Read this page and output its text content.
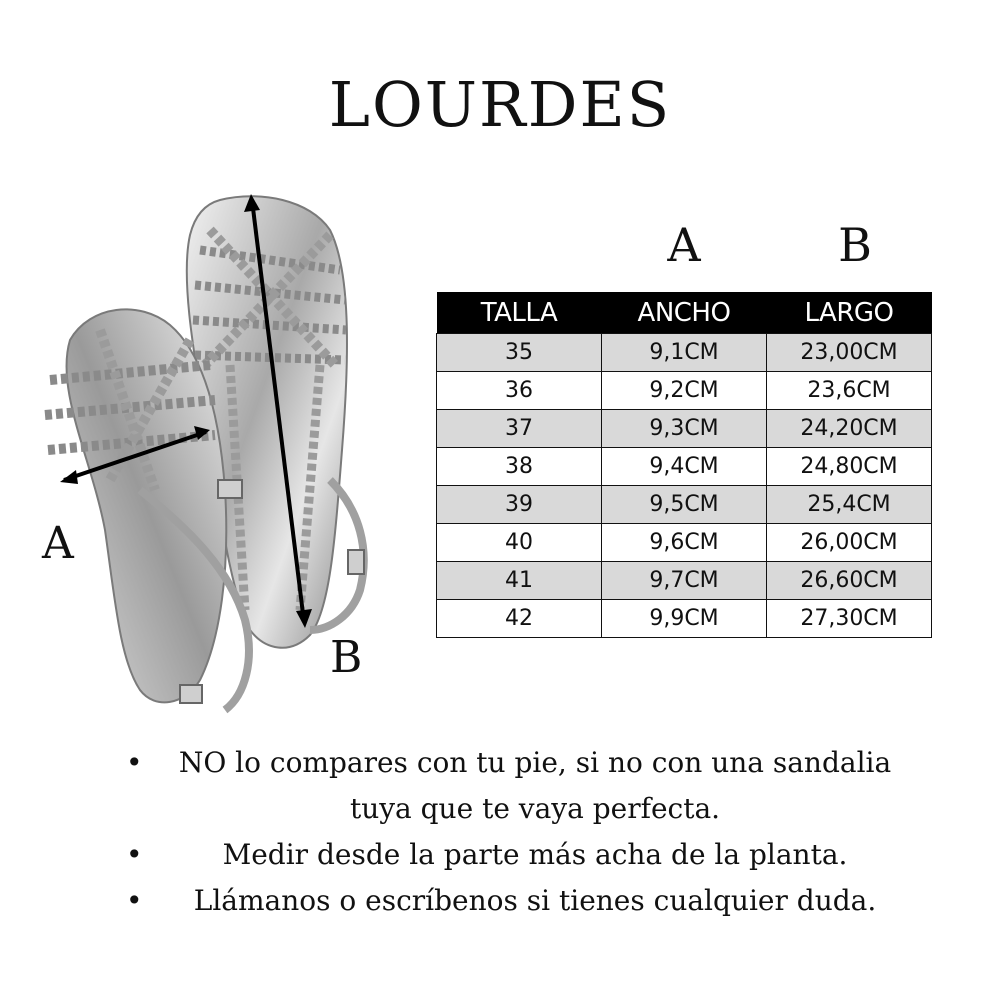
LOURDES
A
B
A	B
TALLA	ANCHO	LARGO
35	9,1CM	23,00CM
36	9,2CM	23,6CM
37	9,3CM	24,20CM
38	9,4CM	24,80CM
39	9,5CM	25,4CM
40	9,6CM	26,00CM
41	9,7CM	26,60CM
42	9,9CM	27,30CM
• NO lo compares con tu pie, si no con una sandalia tuya que te vaya perfecta.
• Medir desde la parte más acha de la planta.
• Llámanos o escríbenos si tienes cualquier duda.
